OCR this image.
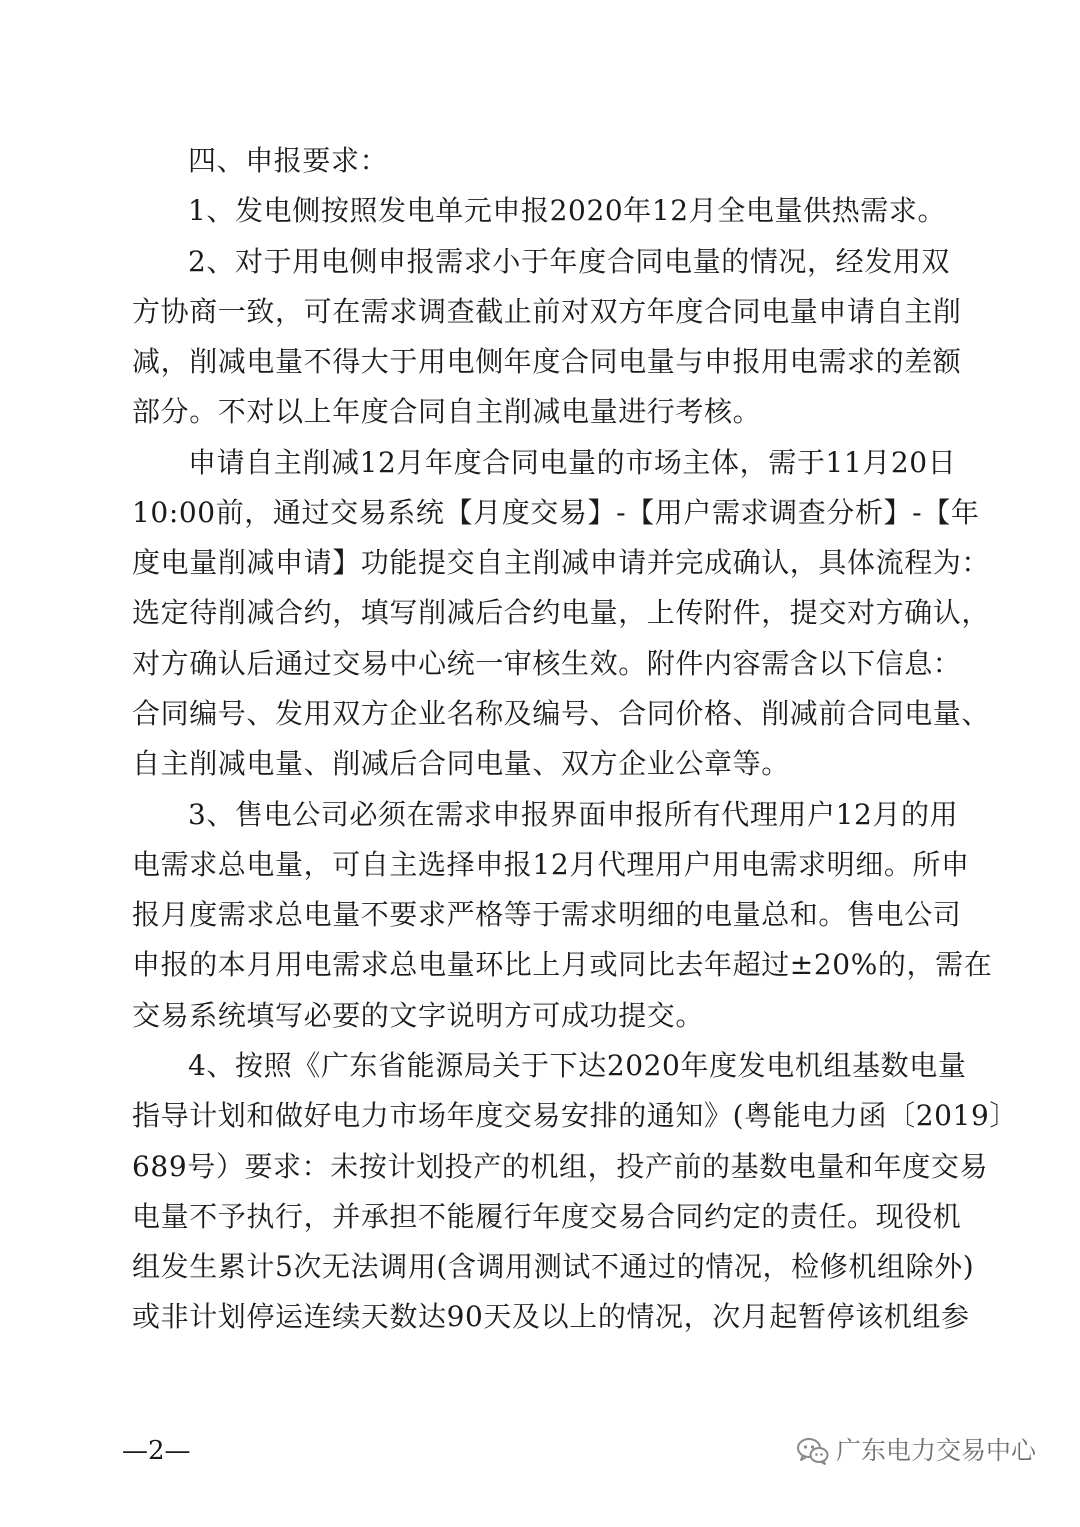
四、申报要求：
1、发电侧按照发电单元申报2020年12月全电量供热需求。
2、对于用电侧申报需求小于年度合同电量的情况，经发用双
方协商一致，可在需求调查截止前对双方年度合同电量申请自主削
减，削减电量不得大于用电侧年度合同电量与申报用电需求的差额
部分。不对以上年度合同自主削减电量进行考核。
申请自主削减12月年度合同电量的市场主体，需于11月20日
10:00前，通过交易系统【月度交易】-【用户需求调查分析】-【年
度电量削减申请】功能提交自主削减申请并完成确认，具体流程为：
选定待削减合约，填写削减后合约电量，上传附件，提交对方确认，
对方确认后通过交易中心统一审核生效。附件内容需含以下信息：
合同编号、发用双方企业名称及编号、合同价格、削减前合同电量、
自主削减电量、削减后合同电量、双方企业公章等。
3、售电公司必须在需求申报界面申报所有代理用户12月的用
电需求总电量，可自主选择申报12月代理用户用电需求明细。所申
报月度需求总电量不要求严格等于需求明细的电量总和。售电公司
申报的本月用电需求总电量环比上月或同比去年超过±20%的，需在
交易系统填写必要的文字说明方可成功提交。
4、按照《广东省能源局关于下达2020年度发电机组基数电量
指导计划和做好电力市场年度交易安排的通知》(粤能电力函〔2019〕
689号）要求：未按计划投产的机组，投产前的基数电量和年度交易
电量不予执行，并承担不能履行年度交易合同约定的责任。现役机
组发生累计5次无法调用(含调用测试不通过的情况，检修机组除外)
或非计划停运连续天数达90天及以上的情况，次月起暂停该机组参
—2—	广东电力交易中心
